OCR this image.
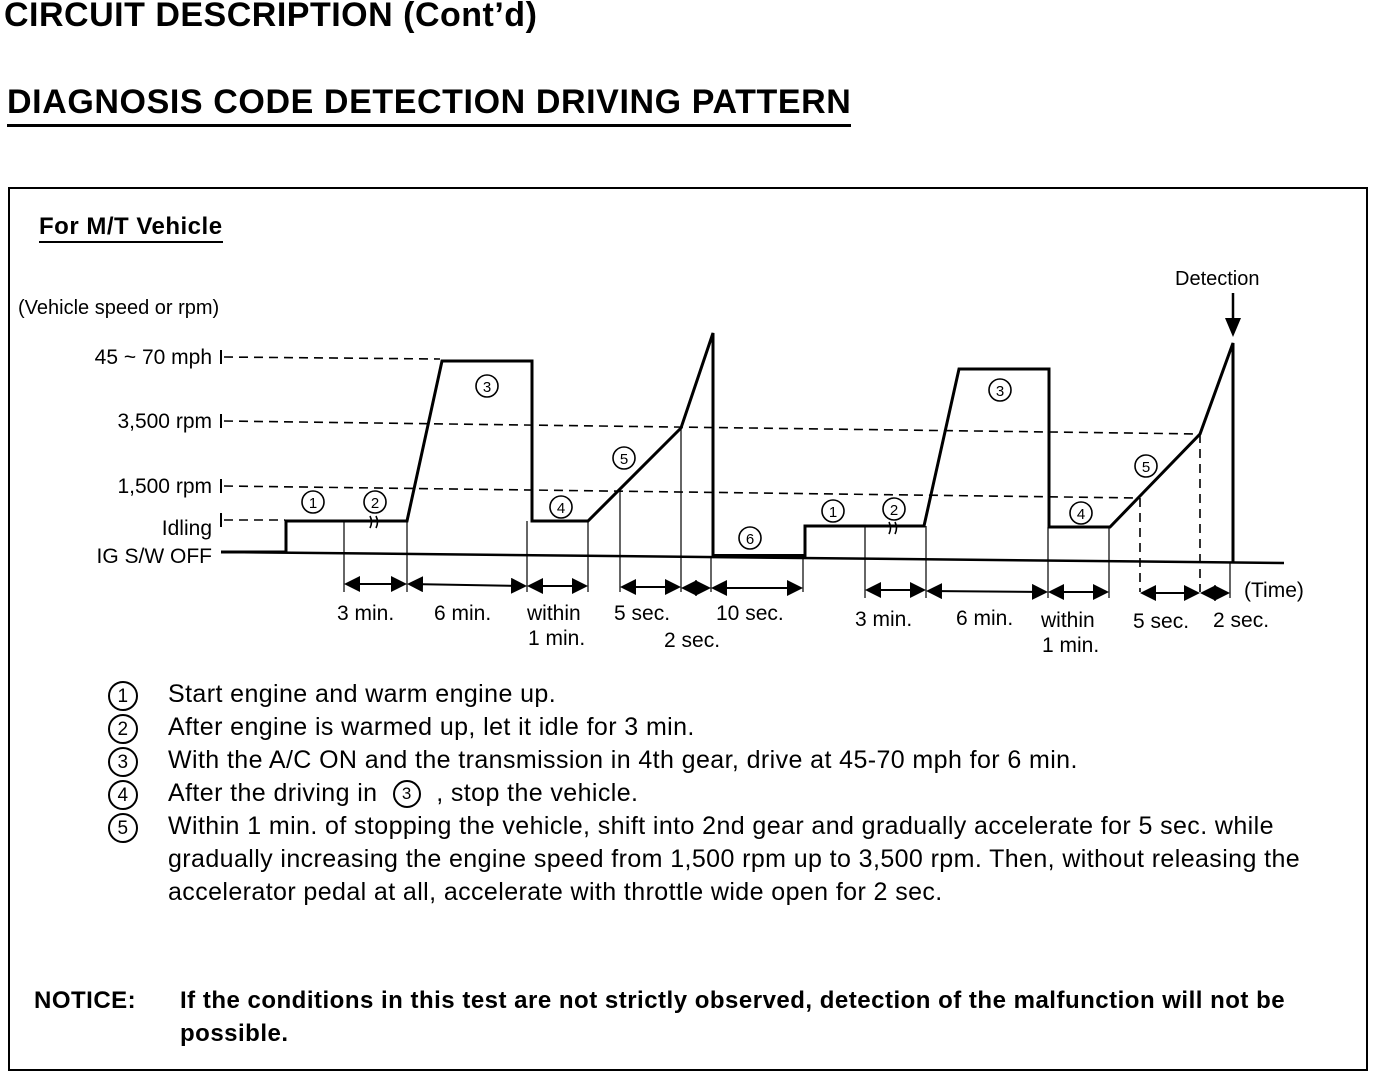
CIRCUIT DESCRIPTION (Cont’d)
DIAGNOSIS CODE DETECTION DRIVING PATTERN
For M/T Vehicle
(Vehicle speed or rpm)
Detection
(Time)
45 ~ 70 mph
3,500 rpm
1,500 rpm
Idling
IG S/W OFF
3 min. 6 min. within
1 min.
5 sec.
2 sec.
10 sec.	3 min. 6 min. within
1 min.
5 sec. 2 sec.
1	2
3
4
5
6
1	2
3
4
5
1	Start engine and warm engine up.
2	After engine is warmed up, let it idle for 3 min.
3	With the A/C ON and the transmission in 4th gear, drive at 45-70 mph for 6 min.
4	After the driving in 3 , stop the vehicle.
5	Within 1 min. of stopping the vehicle, shift into 2nd gear and gradually accelerate for 5 sec. while gradually increasing the engine speed from 1,500 rpm up to 3,500 rpm. Then, without releasing the accelerator pedal at all, accelerate with throttle wide open for 2 sec.
NOTICE:	If the conditions in this test are not strictly observed, detection of the malfunction will not be possible.
